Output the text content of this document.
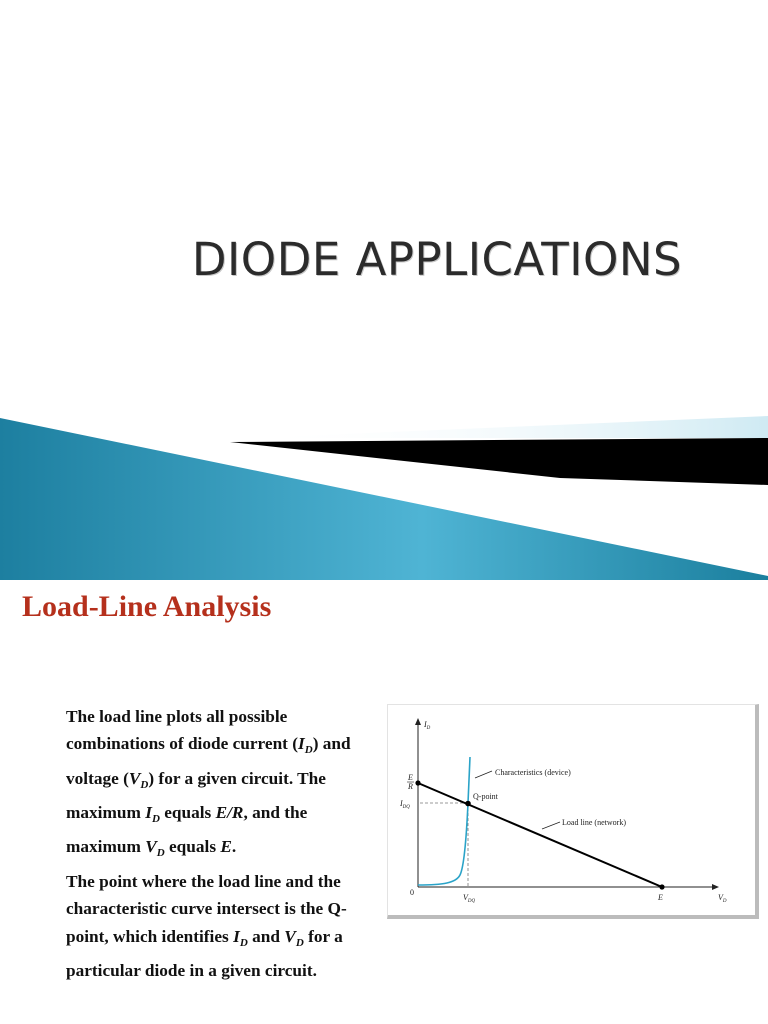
DIODE APPLICATIONS
Load-Line Analysis
The load line plots all possible combinations of diode current $(I_D)$ and voltage $(V_D)$ for a given circuit. The maximum $I_D$ equals E/R, and the maximum $V_D$ equals E.
The point where the load line and the characteristic curve intersect is the Q-point, which identifies $I_D$ and $V_D$ for a particular diode in a given circuit.
$I_D$
E
R
$I_{DQ}$
0
$V_{DQ}$	E	$V_D$
Characteristics (device)
Q-point
Load line (network)
